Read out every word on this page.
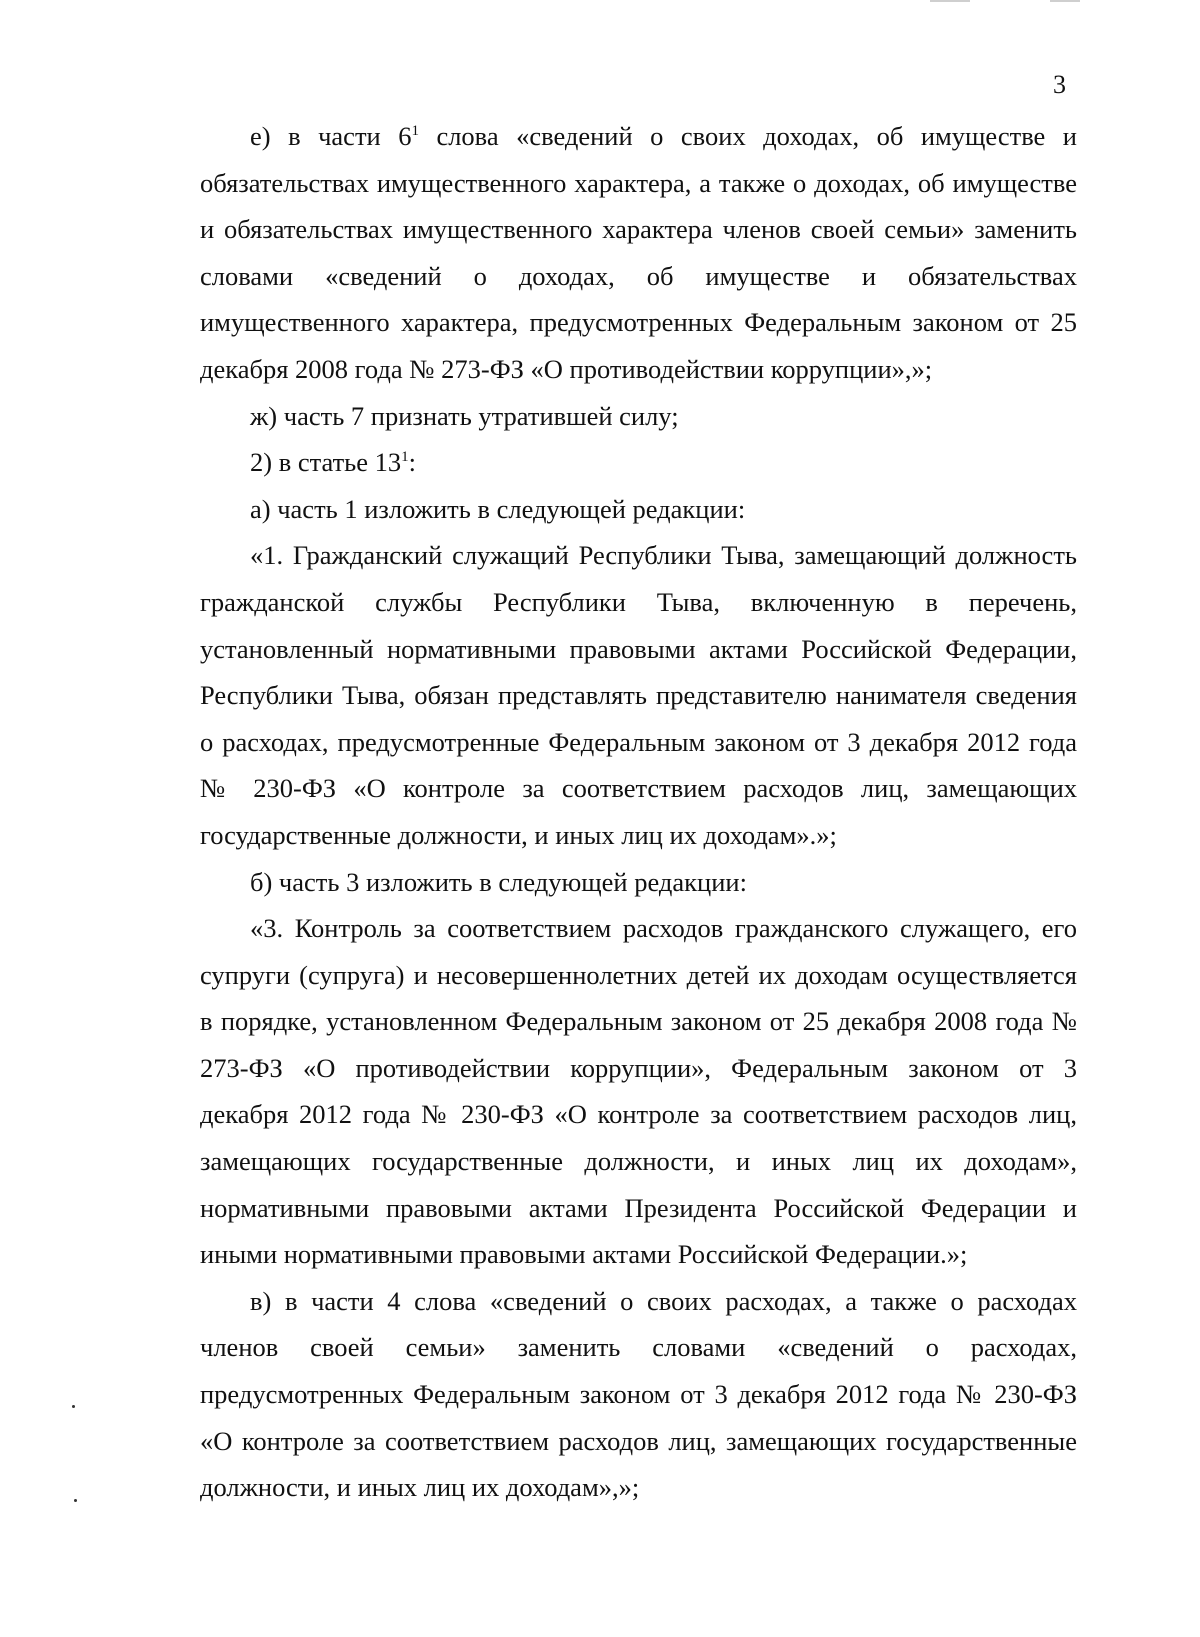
3

е) в части $6^1$ слова «сведений о своих доходах, об имуществе и обязательствах имущественного характера, а также о доходах, об имуществе и обязательствах имущественного характера членов своей семьи» заменить словами «сведений о доходах, об имуществе и обязательствах имущественного характера, предусмотренных Федеральным законом от 25 декабря 2008 года № 273-ФЗ «О противодействии коррупции»,»;

ж) часть 7 признать утратившей силу;

2) в статье $13^1$:

а) часть 1 изложить в следующей редакции:

«1. Гражданский служащий Республики Тыва, замещающий должность гражданской службы Республики Тыва, включенную в перечень, установленный нормативными правовыми актами Российской Федерации, Республики Тыва, обязан представлять представителю нанимателя сведения о расходах, предусмотренные Федеральным законом от 3 декабря 2012 года № 230-ФЗ «О контроле за соответствием расходов лиц, замещающих государственные должности, и иных лиц их доходам».»;

б) часть 3 изложить в следующей редакции:

«3. Контроль за соответствием расходов гражданского служащего, его супруги (супруга) и несовершеннолетних детей их доходам осуществляется в порядке, установленном Федеральным законом от 25 декабря 2008 года № 273-ФЗ «О противодействии коррупции», Федеральным законом от 3 декабря 2012 года № 230-ФЗ «О контроле за соответствием расходов лиц, замещающих государственные должности, и иных лиц их доходам», нормативными правовыми актами Президента Российской Федерации и иными нормативными правовыми актами Российской Федерации.»;

в) в части 4 слова «сведений о своих расходах, а также о расходах членов своей семьи» заменить словами «сведений о расходах, предусмотренных Федеральным законом от 3 декабря 2012 года № 230-ФЗ «О контроле за соответствием расходов лиц, замещающих государственные должности, и иных лиц их доходам»,»;
